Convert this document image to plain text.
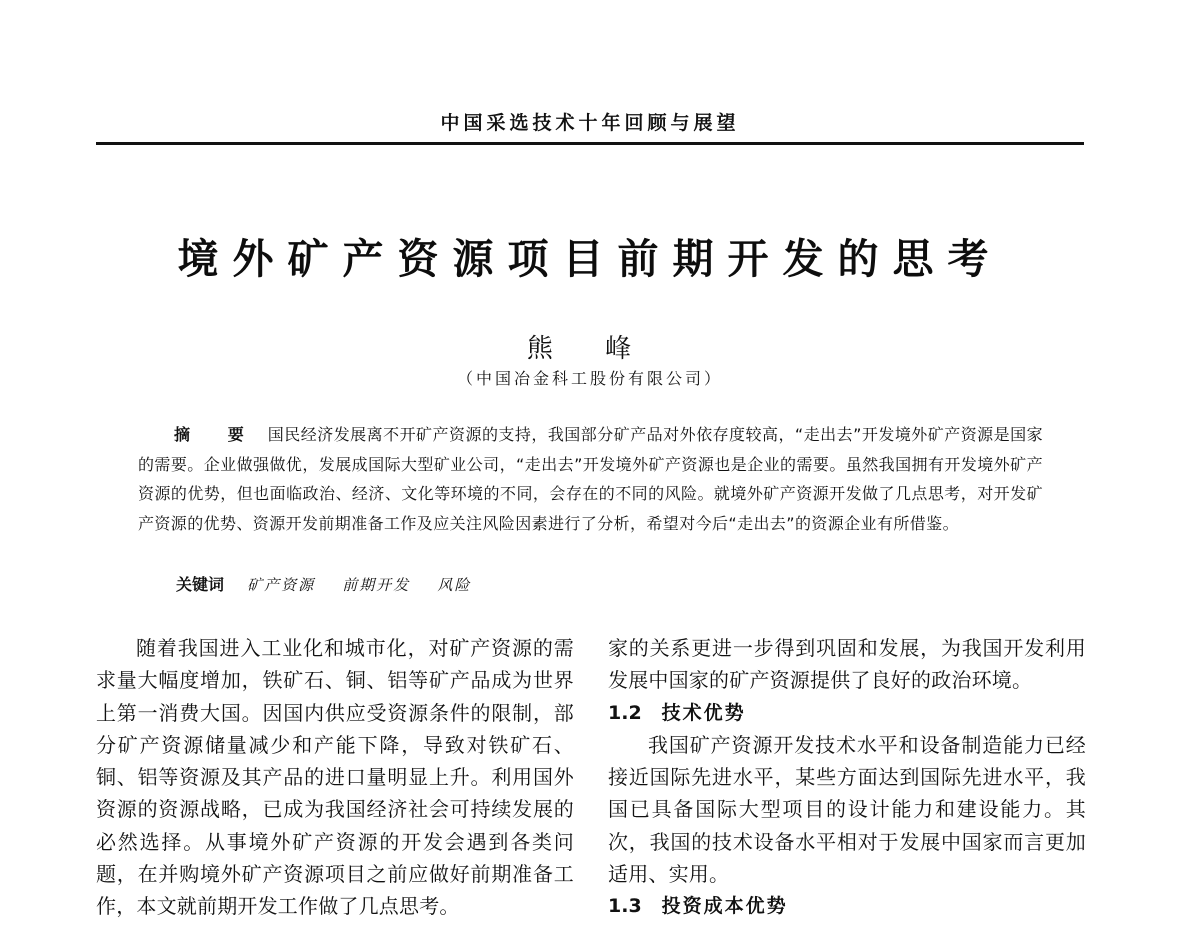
中国采选技术十年回顾与展望
境外矿产资源项目前期开发的思考
熊 峰
（中国冶金科工股份有限公司）
摘 要 国民经济发展离不开矿产资源的支持，我国部分矿产品对外依存度较高，“走出去”开发境外矿产资源是国家的需要。企业做强做优，发展成国际大型矿业公司，“走出去”开发境外矿产资源也是企业的需要。虽然我国拥有开发境外矿产资源的优势，但也面临政治、经济、文化等环境的不同，会存在的不同的风险。就境外矿产资源开发做了几点思考，对开发矿产资源的优势、资源开发前期准备工作及应关注风险因素进行了分析，希望对今后“走出去”的资源企业有所借鉴。
关键词 矿产资源 前期开发 风险

随着我国进入工业化和城市化，对矿产资源的需求量大幅度增加，铁矿石、铜、铝等矿产品成为世界上第一消费大国。因国内供应受资源条件的限制，部分矿产资源储量减少和产能下降，导致对铁矿石、铜、铝等资源及其产品的进口量明显上升。利用国外资源的资源战略，已成为我国经济社会可持续发展的必然选择。从事境外矿产资源的开发会遇到各类问题，在并购境外矿产资源项目之前应做好前期准备工作，本文就前期开发工作做了几点思考。

家的关系更进一步得到巩固和发展，为我国开发利用发展中国家的矿产资源提供了良好的政治环境。

1.2 技术优势

我国矿产资源开发技术水平和设备制造能力已经接近国际先进水平，某些方面达到国际先进水平，我国已具备国际大型项目的设计能力和建设能力。其次，我国的技术设备水平相对于发展中国家而言更加适用、实用。

1.3 投资成本优势
